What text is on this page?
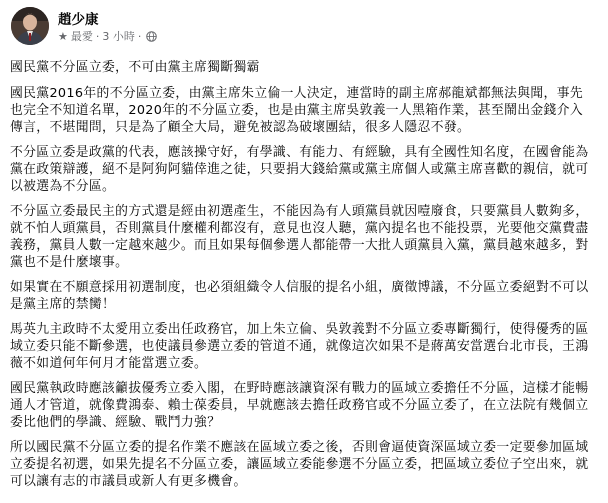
趙少康
★ 最愛 · 3 小時 ·

國民黨不分區立委，不可由黨主席獨斷獨霸

國民黨2016年的不分區立委，由黨主席朱立倫一人決定，連當時的副主席郝龍斌都無法與聞，事先也完全不知道名單，2020年的不分區立委，也是由黨主席吳敦義一人黑箱作業，甚至鬧出金錢介入傳言，不堪聞問，只是為了顧全大局，避免被認為破壞團結，很多人隱忍不發。

不分區立委是政黨的代表，應該操守好，有學識、有能力、有經驗，具有全國性知名度，在國會能為黨在政策辯護，絕不是阿狗阿貓倖進之徒，只要捐大錢給黨或黨主席個人或黨主席喜歡的親信，就可以被選為不分區。

不分區立委最民主的方式還是經由初選產生，不能因為有人頭黨員就因噎廢食，只要黨員人數夠多，就不怕人頭黨員，否則黨員什麼權利都沒有，意見也沒人聽，黨內提名也不能投票，光要他交黨費盡義務，黨員人數一定越來越少。而且如果每個參選人都能帶一大批人頭黨員入黨，黨員越來越多，對黨也不是什麼壞事。

如果實在不願意採用初選制度，也必須組織令人信服的提名小組，廣徵博議，不分區立委絕對不可以是黨主席的禁臠！

馬英九主政時不太愛用立委出任政務官，加上朱立倫、吳敦義對不分區立委專斷獨行，使得優秀的區域立委只能不斷參選，也使議員參選立委的管道不通，就像這次如果不是蔣萬安當選台北市長，王鴻薇不如道何年何月才能當選立委。

國民黨執政時應該籲拔優秀立委入閣，在野時應該讓資深有戰力的區域立委擔任不分區，這樣才能暢通人才管道，就像費鴻泰、賴士葆委員，早就應該去擔任政務官或不分區立委了，在立法院有幾個立委比他們的學識、經驗、戰鬥力強？

所以國民黨不分區立委的提名作業不應該在區域立委之後，否則會逼使資深區域立委一定要參加區域立委提名初選，如果先提名不分區立委，讓區域立委能參選不分區立委，把區域立委位子空出來，就可以讓有志的市議員或新人有更多機會。
